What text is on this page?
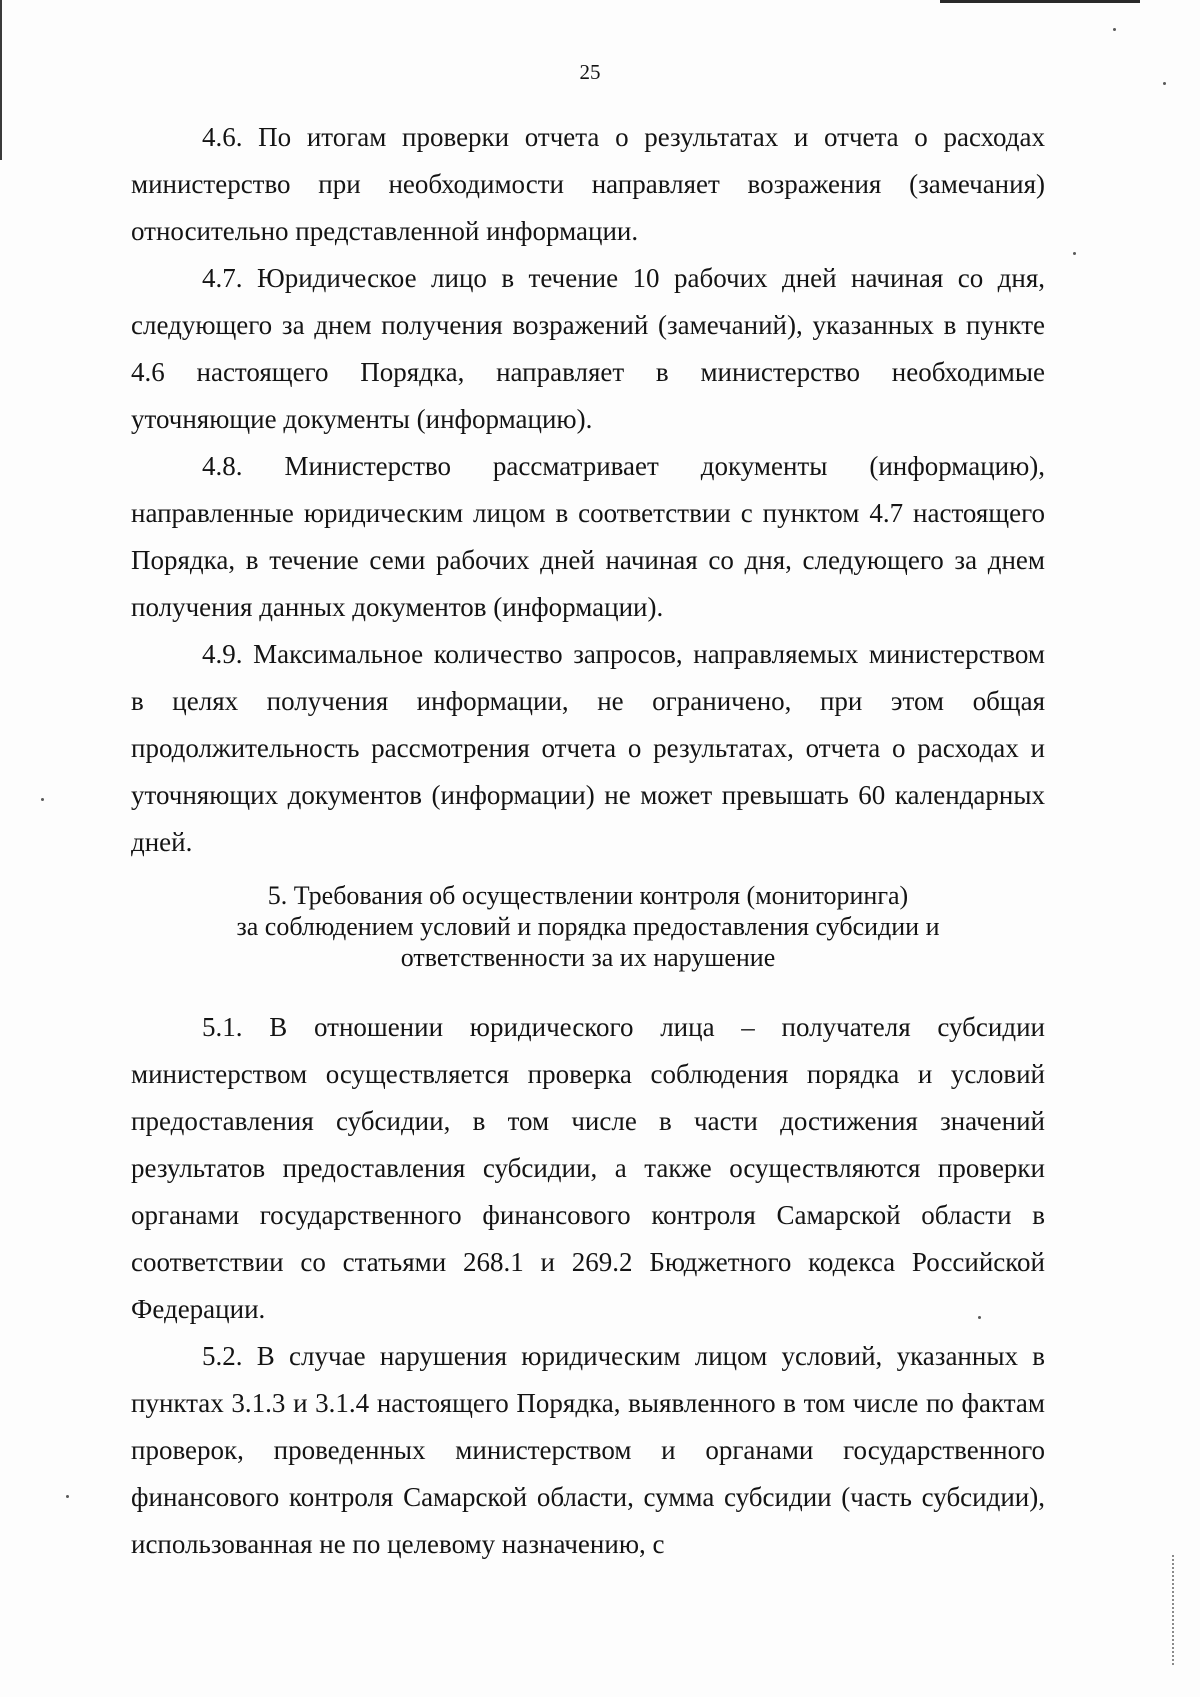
25

4.6. По итогам проверки отчета о результатах и отчета о расходах министерство при необходимости направляет возражения (замечания) относительно представленной информации.

4.7. Юридическое лицо в течение 10 рабочих дней начиная со дня, следующего за днем получения возражений (замечаний), указанных в пункте 4.6 настоящего Порядка, направляет в министерство необходимые уточняющие документы (информацию).

4.8. Министерство рассматривает документы (информацию), направленные юридическим лицом в соответствии с пунктом 4.7 настоящего Порядка, в течение семи рабочих дней начиная со дня, следующего за днем получения данных документов (информации).

4.9. Максимальное количество запросов, направляемых министерством в целях получения информации, не ограничено, при этом общая продолжительность рассмотрения отчета о результатах, отчета о расходах и уточняющих документов (информации) не может превышать 60 календарных дней.

5. Требования об осуществлении контроля (мониторинга)
за соблюдением условий и порядка предоставления субсидии и
ответственности за их нарушение

5.1. В отношении юридического лица – получателя субсидии министерством осуществляется проверка соблюдения порядка и условий предоставления субсидии, в том числе в части достижения значений результатов предоставления субсидии, а также осуществляются проверки органами государственного финансового контроля Самарской области в соответствии со статьями 268.1 и 269.2 Бюджетного кодекса Российской Федерации.

5.2. В случае нарушения юридическим лицом условий, указанных в пунктах 3.1.3 и 3.1.4 настоящего Порядка, выявленного в том числе по фактам проверок, проведенных министерством и органами государственного финансового контроля Самарской области, сумма субсидии (часть субсидии), использованная не по целевому назначению, с
